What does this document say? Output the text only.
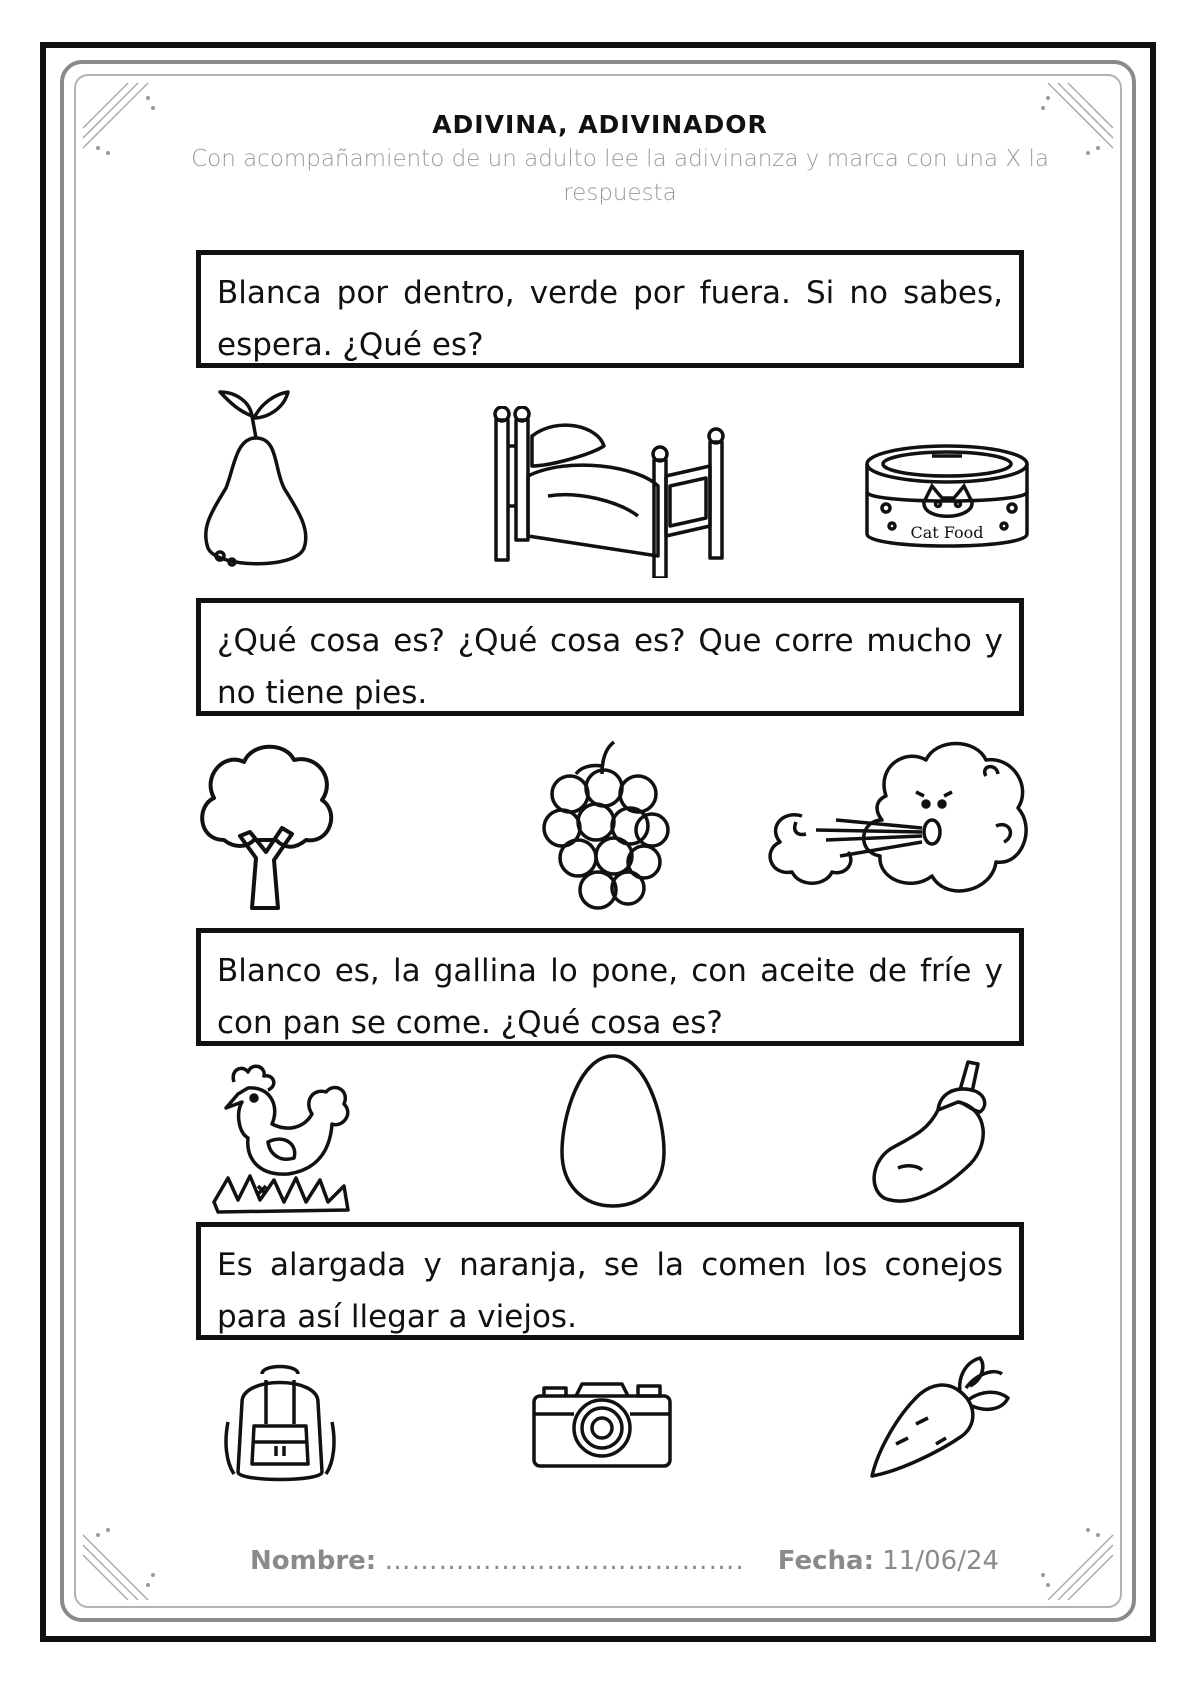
ADIVINA, ADIVINADOR
Con acompañamiento de un adulto lee la adivinanza y marca con una X la respuesta
Blanca por dentro, verde por fuera. Si no sabes, espera. ¿Qué es?
Cat Food
¿Qué cosa es? ¿Qué cosa es? Que corre mucho y no tiene pies.
Blanco es, la gallina lo pone, con aceite de fríe y con pan se come. ¿Qué cosa es?
Es alargada y naranja, se la comen los conejos para así llegar a viejos.
Nombre: …………………………………. Fecha: 11/06/24
